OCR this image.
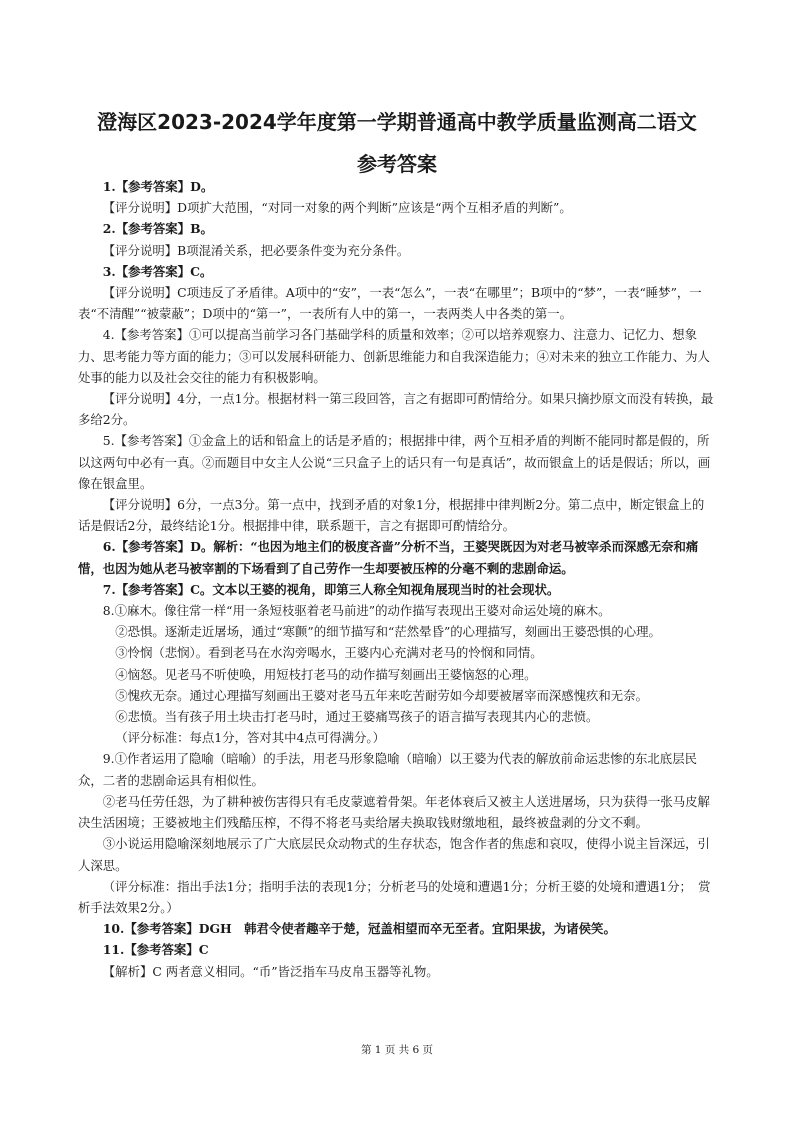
澄海区2023-2024学年度第一学期普通高中教学质量监测高二语文
参考答案

1.【参考答案】D。

【评分说明】D项扩大范围，“对同一对象的两个判断”应该是“两个互相矛盾的判断”。

2.【参考答案】B。

【评分说明】B项混淆关系，把必要条件变为充分条件。

3.【参考答案】C。

【评分说明】C项违反了矛盾律。A项中的“安”，一表“怎么”，一表“在哪里”；B项中的“梦”，一表“睡梦”，一表“不清醒”“被蒙蔽”；D项中的“第一”，一表所有人中的第一，一表两类人中各类的第一。

4.【参考答案】①可以提高当前学习各门基础学科的质量和效率；②可以培养观察力、注意力、记忆力、想象力、思考能力等方面的能力；③可以发展科研能力、创新思维能力和自我深造能力；④对未来的独立工作能力、为人处事的能力以及社会交往的能力有积极影响。

【评分说明】4分，一点1分。根据材料一第三段回答，言之有据即可酌情给分。如果只摘抄原文而没有转换，最多给2分。

5.【参考答案】①金盒上的话和铅盒上的话是矛盾的；根据排中律，两个互相矛盾的判断不能同时都是假的，所以这两句中必有一真。②而题目中女主人公说“三只盒子上的话只有一句是真话”，故而银盒上的话是假话；所以，画像在银盒里。

【评分说明】6分，一点3分。第一点中，找到矛盾的对象1分，根据排中律判断2分。第二点中，断定银盒上的话是假话2分，最终结论1分。根据排中律，联系题干，言之有据即可酌情给分。

6.【参考答案】D。解析：“也因为地主们的极度吝啬”分析不当，王婆哭既因为对老马被宰杀而深感无奈和痛惜，也因为她从老马被宰割的下场看到了自己劳作一生却要被压榨的分毫不剩的悲剧命运。

7.【参考答案】C。文本以王婆的视角，即第三人称全知视角展现当时的社会现状。

8.①麻木。像往常一样“用一条短枝驱着老马前进”的动作描写表现出王婆对命运处境的麻木。

②恐惧。逐渐走近屠场，通过“寒颤”的细节描写和“茫然晕昏”的心理描写，刻画出王婆恐惧的心理。

③怜悯（悲悯）。看到老马在水沟旁喝水，王婆内心充满对老马的怜悯和同情。

④恼怒。见老马不听使唤，用短枝打老马的动作描写刻画出王婆恼怒的心理。

⑤愧疚无奈。通过心理描写刻画出王婆对老马五年来吃苦耐劳如今却要被屠宰而深感愧疚和无奈。

⑥悲愤。当有孩子用土块击打老马时，通过王婆痛骂孩子的语言描写表现其内心的悲愤。

（评分标准：每点1分，答对其中4点可得满分。）

9.①作者运用了隐喻（暗喻）的手法，用老马形象隐喻（暗喻）以王婆为代表的解放前命运悲惨的东北底层民众，二者的悲剧命运具有相似性。

②老马任劳任怨，为了耕种被伤害得只有毛皮蒙遮着骨架。年老体衰后又被主人送进屠场，只为获得一张马皮解决生活困境；王婆被地主们残酷压榨，不得不将老马卖给屠夫换取钱财缴地租，最终被盘剥的分文不剩。

③小说运用隐喻深刻地展示了广大底层民众动物式的生存状态，饱含作者的焦虑和哀叹，使得小说主旨深远，引人深思。

（评分标准：指出手法1分；指明手法的表现1分；分析老马的处境和遭遇1分；分析王婆的处境和遭遇1分；　赏析手法效果2分。）

10.【参考答案】DGH　韩君令使者趣辛于楚，冠盖相望而卒无至者。宜阳果拔，为诸侯笑。

11.【参考答案】C

【解析】C 两者意义相同。“币”皆泛指车马皮帛玉器等礼物。

第 1 页 共 6 页
